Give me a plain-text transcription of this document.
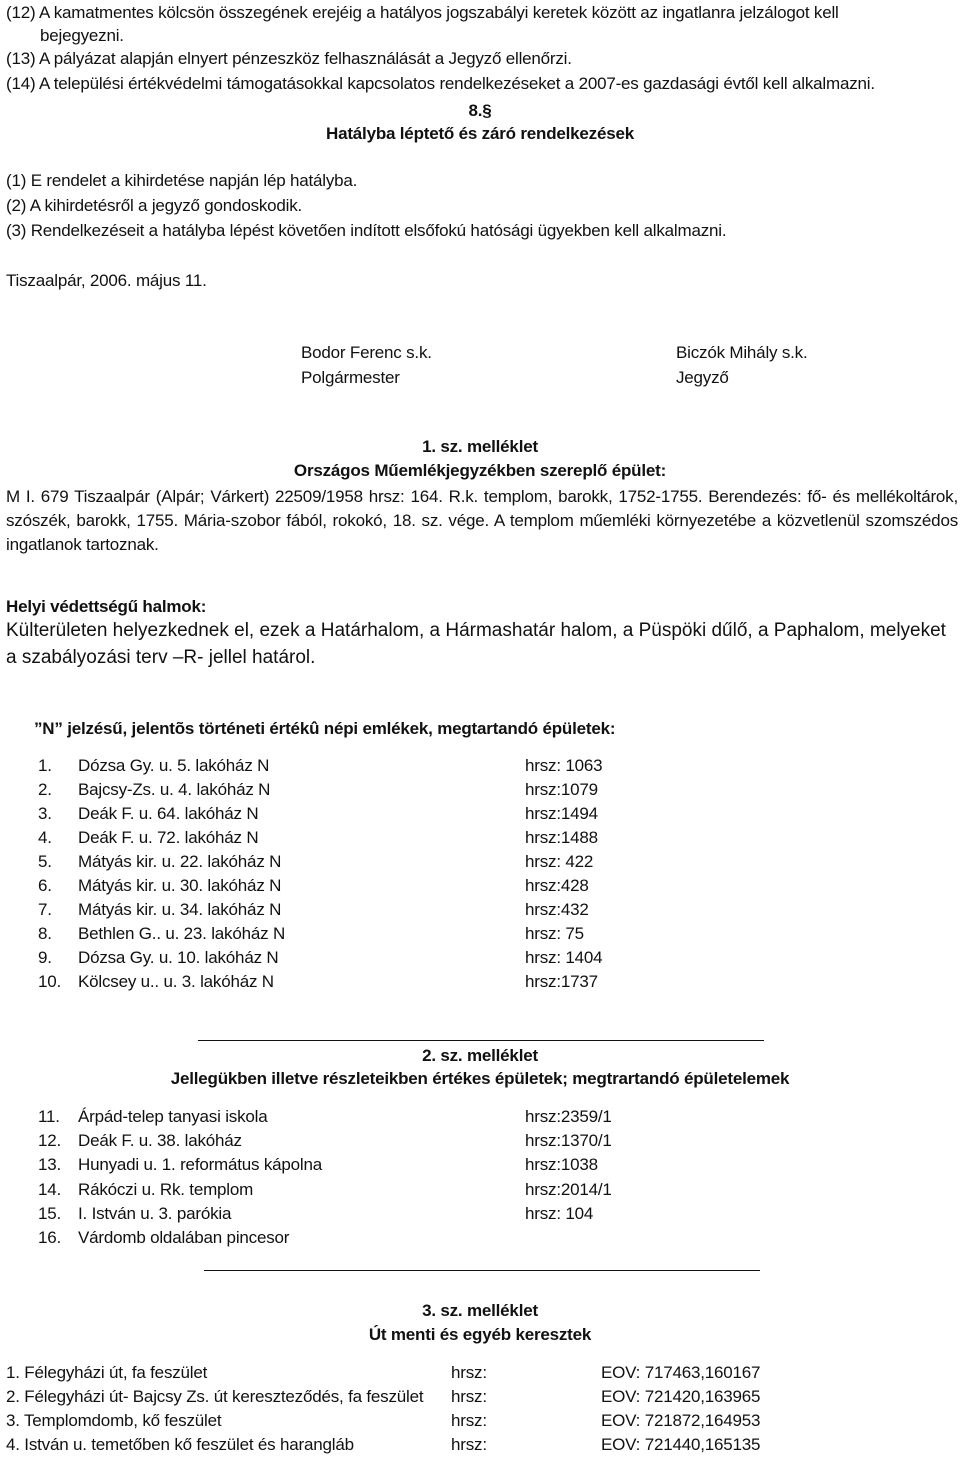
(12) A kamatmentes kölcsön összegének erejéig a hatályos jogszabályi keretek között az ingatlanra jelzálogot kell
bejegyezni.
(13) A pályázat alapján elnyert pénzeszköz felhasználását a Jegyző ellenőrzi.
(14) A települési értékvédelmi támogatásokkal kapcsolatos rendelkezéseket a 2007-es gazdasági évtől kell alkalmazni.
8.§
Hatályba léptető és záró rendelkezések
(1) E rendelet a kihirdetése napján lép hatályba.
(2) A kihirdetésről a jegyző gondoskodik.
(3) Rendelkezéseit a hatályba lépést követően indított elsőfokú hatósági ügyekben kell alkalmazni.
Tiszaalpár, 2006. május 11.
Bodor Ferenc s.k.
Polgármester
Biczók Mihály s.k.
Jegyző
1. sz. melléklet
Országos Műemlékjegyzékben szereplő épület:
M I. 679 Tiszaalpár (Alpár; Várkert) 22509/1958 hrsz: 164. R.k. templom, barokk, 1752-1755. Berendezés: fő- és mellékoltárok, szószék, barokk, 1755. Mária-szobor fából, rokokó, 18. sz. vége. A templom műemléki környezetébe a közvetlenül szomszédos ingatlanok tartoznak.
Helyi védettségű halmok:
Külterületen helyezkednek el, ezek a Határhalom, a Hármashatár halom, a Püspöki dűlő, a Paphalom, melyeket a szabályozási terv –R- jellel határol.
”N” jelzésű, jelentõs történeti értékû népi emlékek, megtartandó épületek:
1. Dózsa Gy. u. 5. lakóház N	hrsz: 1063
2. Bajcsy-Zs. u. 4. lakóház N	hrsz:1079
3. Deák F. u. 64. lakóház N	hrsz:1494
4. Deák F. u. 72. lakóház N	hrsz:1488
5. Mátyás kir. u. 22. lakóház N	hrsz: 422
6. Mátyás kir. u. 30. lakóház N	hrsz:428
7. Mátyás kir. u. 34. lakóház N	hrsz:432
8. Bethlen G.. u. 23. lakóház N	hrsz: 75
9. Dózsa Gy. u. 10. lakóház N	hrsz: 1404
10. Kölcsey u.. u. 3. lakóház N	hrsz:1737
2. sz. melléklet
Jellegükben illetve részleteikben értékes épületek; megtrartandó épületelemek
11. Árpád-telep tanyasi iskola	hrsz:2359/1
12. Deák F. u. 38. lakóház	hrsz:1370/1
13. Hunyadi u. 1. református kápolna	hrsz:1038
14. Rákóczi u. Rk. templom	hrsz:2014/1
15. I. István u. 3. parókia	hrsz: 104
16. Várdomb oldalában pincesor
3. sz. melléklet
Út menti és egyéb keresztek
1. Félegyházi út, fa feszület	hrsz:	EOV: 717463,160167
2. Félegyházi út- Bajcsy Zs. út kereszteződés, fa feszület hrsz:	EOV: 721420,163965
3. Templomdomb, kő feszület	hrsz:	EOV: 721872,164953
4. István u. temetőben kő feszület és harangláb	hrsz:	EOV: 721440,165135
